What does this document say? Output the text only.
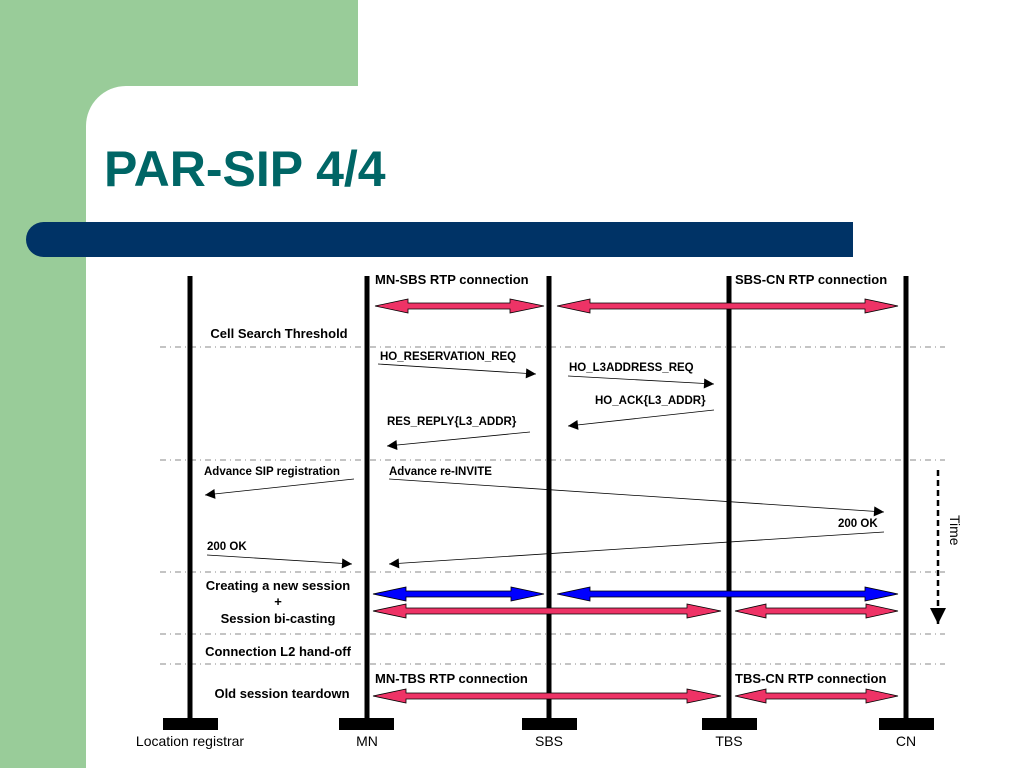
PAR-SIP 4/4
Location registrar	MN	SBS	TBS	CN
Time
MN-SBS RTP connection	SBS-CN RTP connection
MN-TBS RTP connection	TBS-CN RTP connection
Cell Search Threshold
Creating a new session
+
Session bi-casting
Connection L2 hand-off
Old session teardown
HO_RESERVATION_REQ
HO_L3ADDRESS_REQ
HO_ACK{L3_ADDR}
RES_REPLY{L3_ADDR}
Advance SIP registration	Advance re-INVITE
200 OK
200 OK
